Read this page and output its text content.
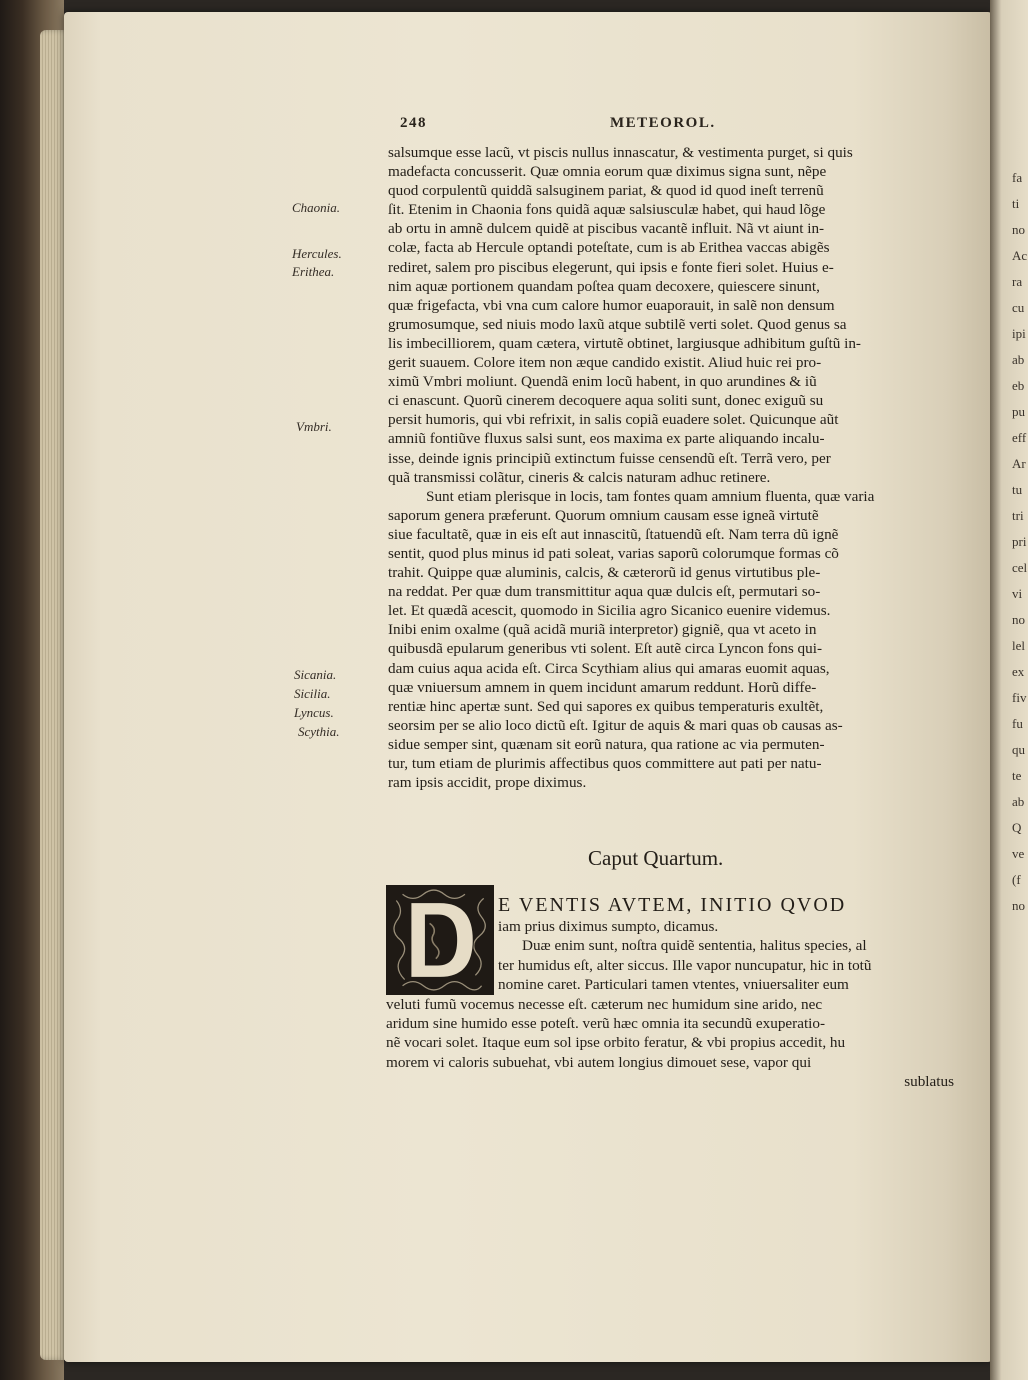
fa
ti
no
Ac
ra
cu
ipi
ab
eb
pu
eff
Ar
tu
tri
pri
cel
vi
no
lel
ex
fiv
fu
qu
te
ab
Q
ve
(f
no
248	METEOROL.
Chaonia.
Hercules.
Erithea.
Vmbri.
Sicania.
Sicilia.
Lyncus.
Scythia.
salsumque esse lacũ, vt piscis nullus innascatur, & vestimenta purget, si quis
madefacta concusserit. Quæ omnia eorum quæ diximus signa sunt, nẽpe
quod corpulentũ quiddã salsuginem pariat, & quod id quod ineſt terrenũ
ſit. Etenim in Chaonia fons quidã aquæ salsiusculæ habet, qui haud lõge
ab ortu in amnẽ dulcem quidẽ at piscibus vacantẽ influit. Nã vt aiunt in-
colæ, facta ab Hercule optandi poteſtate, cum is ab Erithea vaccas abigẽs
rediret, salem pro piscibus elegerunt, qui ipsis e fonte fieri solet. Huius e-
nim aquæ portionem quandam poſtea quam decoxere, quiescere sinunt,
quæ frigefacta, vbi vna cum calore humor euaporauit, in salẽ non densum
grumosumque, sed niuis modo laxũ atque subtilẽ verti solet. Quod genus sa
lis imbecilliorem, quam cætera, virtutẽ obtinet, largiusque adhibitum guſtũ in-
gerit suauem. Colore item non æque candido existit. Aliud huic rei pro-
ximũ Vmbri moliunt. Quendã enim locũ habent, in quo arundines & iũ
ci enascunt. Quorũ cinerem decoquere aqua soliti sunt, donec exiguũ su
persit humoris, qui vbi refrixit, in salis copiã euadere solet. Quicunque aũt
amniũ fontiũve fluxus salsi sunt, eos maxima ex parte aliquando incalu-
isse, deinde ignis principiũ extinctum fuisse censendũ eſt. Terrã vero, per
quã transmissi colãtur, cineris & calcis naturam adhuc retinere.
Sunt etiam plerisque in locis, tam fontes quam amnium fluenta, quæ varia
saporum genera præferunt. Quorum omnium causam esse igneã virtutẽ
siue facultatẽ, quæ in eis eſt aut innascitũ, ſtatuendũ eſt. Nam terra dũ ignẽ
sentit, quod plus minus id pati soleat, varias saporũ colorumque formas cõ
trahit. Quippe quæ aluminis, calcis, & cæterorũ id genus virtutibus ple-
na reddat. Per quæ dum transmittitur aqua quæ dulcis eſt, permutari so-
let. Et quædã acescit, quomodo in Sicilia agro Sicanico euenire videmus.
Inibi enim oxalme (quã acidã muriã interpretor) gigniẽ, qua vt aceto in
quibusdã epularum generibus vti solent. Eſt autẽ circa Lyncon fons qui-
dam cuius aqua acida eſt. Circa Scythiam alius qui amaras euomit aquas,
quæ vniuersum amnem in quem incidunt amarum reddunt. Horũ diffe-
rentiæ hinc apertæ sunt. Sed qui sapores ex quibus temperaturis exultẽt,
seorsim per se alio loco dictũ eſt. Igitur de aquis & mari quas ob causas as-
sidue semper sint, quænam sit eorũ natura, qua ratione ac via permuten-
tur, tum etiam de plurimis affectibus quos committere aut pati per natu-
ram ipsis accidit, prope diximus.
Caput Quartum.
E VENTIS AVTEM, INITIO QVOD
iam prius diximus sumpto, dicamus.
Duæ enim sunt, noſtra quidẽ sententia, halitus species, al
ter humidus eſt, alter siccus. Ille vapor nuncupatur, hic in totũ
nomine caret. Particulari tamen vtentes, vniuersaliter eum
veluti fumũ vocemus necesse eſt. cæterum nec humidum sine arido, nec
aridum sine humido esse poteſt. verũ hæc omnia ita secundũ exuperatio-
nẽ vocari solet. Itaque eum sol ipse orbito feratur, & vbi propius accedit, hu
morem vi caloris subuehat, vbi autem longius dimouet sese, vapor qui
sublatus
